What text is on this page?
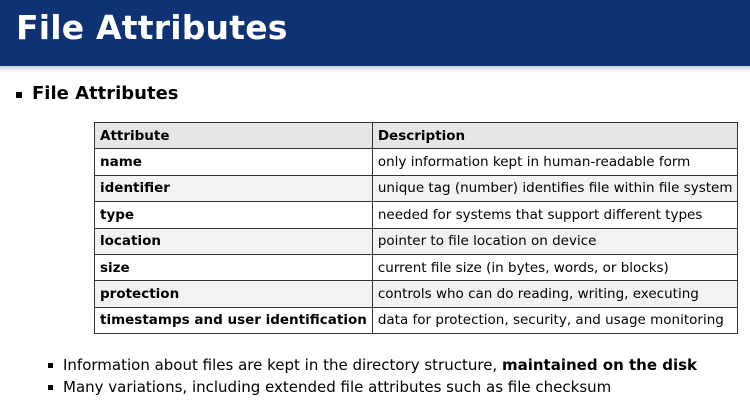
File Attributes
File Attributes
Attribute	Description
name	only information kept in human-readable form
identifier	unique tag (number) identifies file within file system
type	needed for systems that support different types
location	pointer to file location on device
size	current file size (in bytes, words, or blocks)
protection	controls who can do reading, writing, executing
timestamps and user identification	data for protection, security, and usage monitoring
Information about files are kept in the directory structure, maintained on the disk
Many variations, including extended file attributes such as file checksum
